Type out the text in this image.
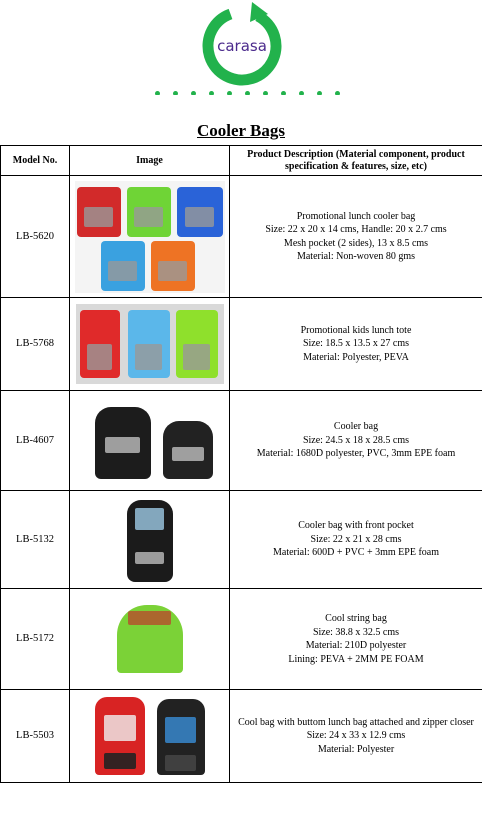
carasa
Cooler Bags
Model No.	Image	Product Description (Material component, product specification & features, size, etc)
LB-5620		Promotional lunch cooler bag
Size: 22 x 20 x 14 cms, Handle: 20 x 2.7 cms
Mesh pocket (2 sides), 13 x 8.5 cms
Material: Non-woven 80 gms

LB-5768		Promotional kids lunch tote
Size: 18.5 x 13.5 x 27 cms
Material: Polyester, PEVA

LB-4607		Cooler bag
Size: 24.5 x 18 x 28.5 cms
Material: 1680D polyester, PVC, 3mm EPE foam

LB-5132		Cooler bag with front pocket
Size: 22 x 21 x 28 cms
Material: 600D + PVC + 3mm EPE foam

LB-5172		Cool string bag
Size: 38.8 x 32.5 cms
Material: 210D polyester
Lining: PEVA + 2MM PE FOAM

LB-5503		Cool bag with buttom lunch bag attached and zipper closer
Size: 24 x 33 x 12.9 cms
Material: Polyester
